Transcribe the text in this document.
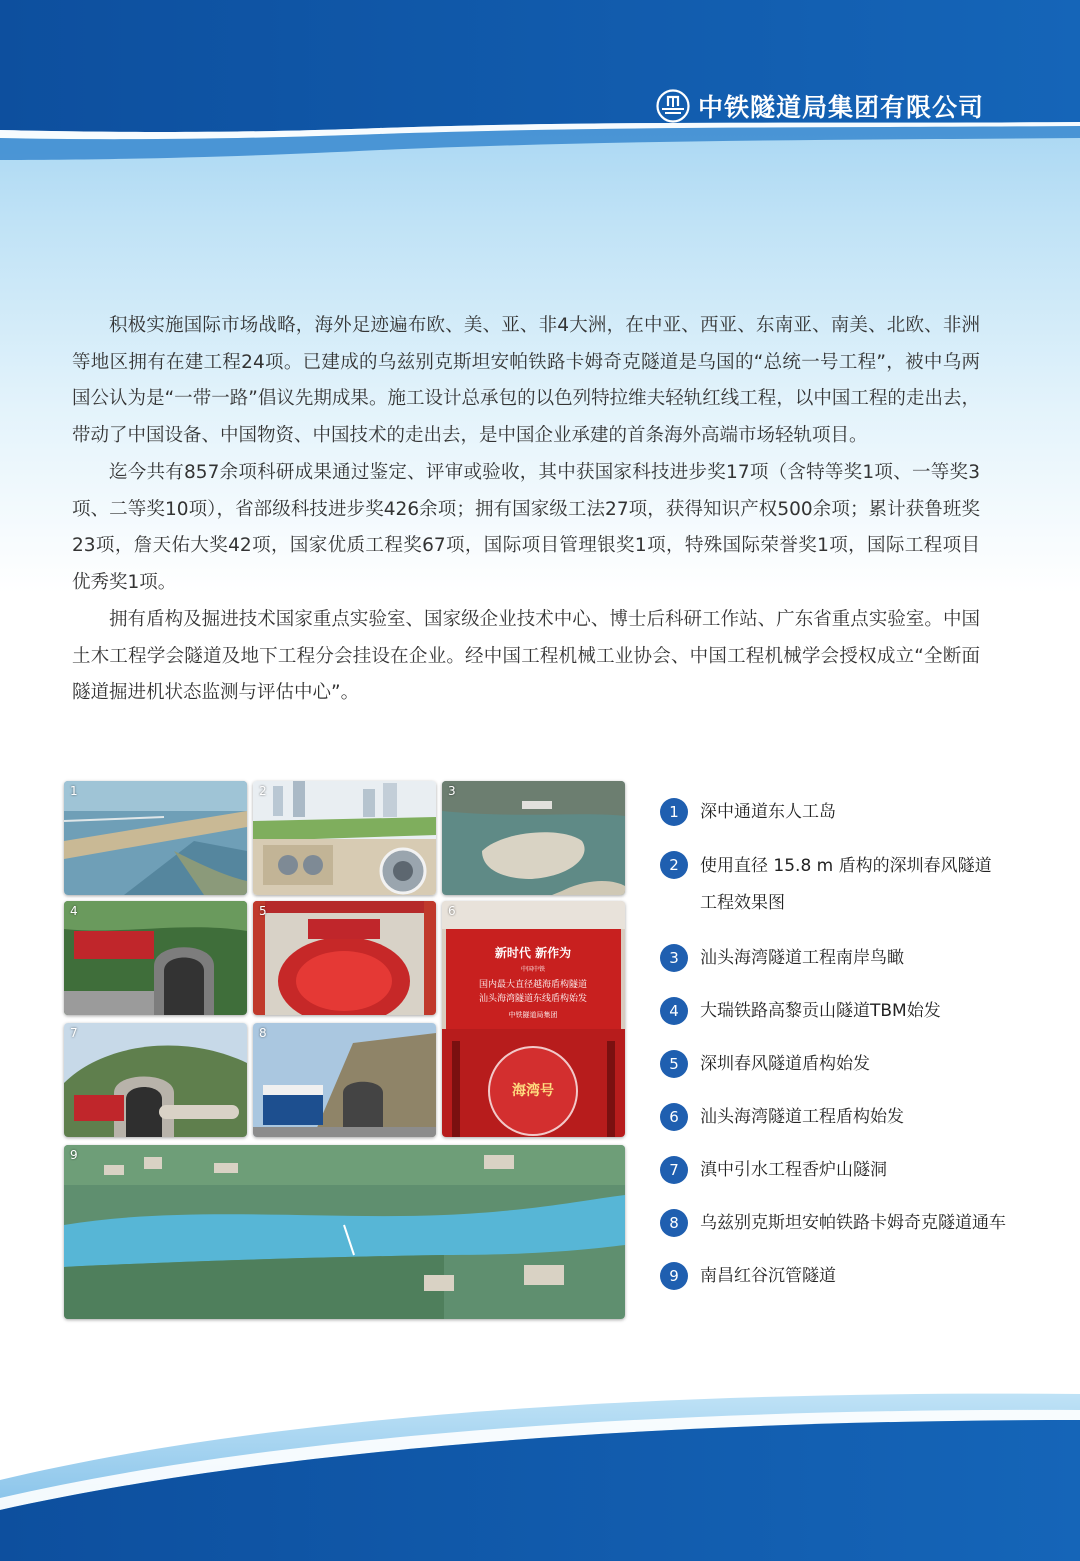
中铁隧道局集团有限公司

积极实施国际市场战略，海外足迹遍布欧、美、亚、非4大洲，在中亚、西亚、东南亚、南美、北欧、非洲等地区拥有在建工程24项。已建成的乌兹别克斯坦安帕铁路卡姆奇克隧道是乌国的“总统一号工程”，被中乌两国公认为是“一带一路”倡议先期成果。施工设计总承包的以色列特拉维夫轻轨红线工程，以中国工程的走出去，带动了中国设备、中国物资、中国技术的走出去，是中国企业承建的首条海外高端市场轻轨项目。

迄今共有857余项科研成果通过鉴定、评审或验收，其中获国家科技进步奖17项（含特等奖1项、一等奖3项、二等奖10项），省部级科技进步奖426余项；拥有国家级工法27项，获得知识产权500余项；累计获鲁班奖23项，詹天佑大奖42项，国家优质工程奖67项，国际项目管理银奖1项，特殊国际荣誉奖1项，国际工程项目优秀奖1项。

拥有盾构及掘进技术国家重点实验室、国家级企业技术中心、博士后科研工作站、广东省重点实验室。中国土木工程学会隧道及地下工程分会挂设在企业。经中国工程机械工业协会、中国工程机械学会授权成立“全断面隧道掘进机状态监测与评估中心”。

1	2	3
4	5
新时代 新作为
中国中铁
国内最大直径越海盾构隧道
汕头海湾隧道东线盾构始发
中铁隧道局集团
海湾号
6
7	8
9
1	深中通道东人工岛
2	使用直径 15.8 m 盾构的深圳春风隧道工程效果图
3	汕头海湾隧道工程南岸鸟瞰
4	大瑞铁路高黎贡山隧道TBM始发
5	深圳春风隧道盾构始发
6	汕头海湾隧道工程盾构始发
7	滇中引水工程香炉山隧洞
8	乌兹别克斯坦安帕铁路卡姆奇克隧道通车
9	南昌红谷沉管隧道
